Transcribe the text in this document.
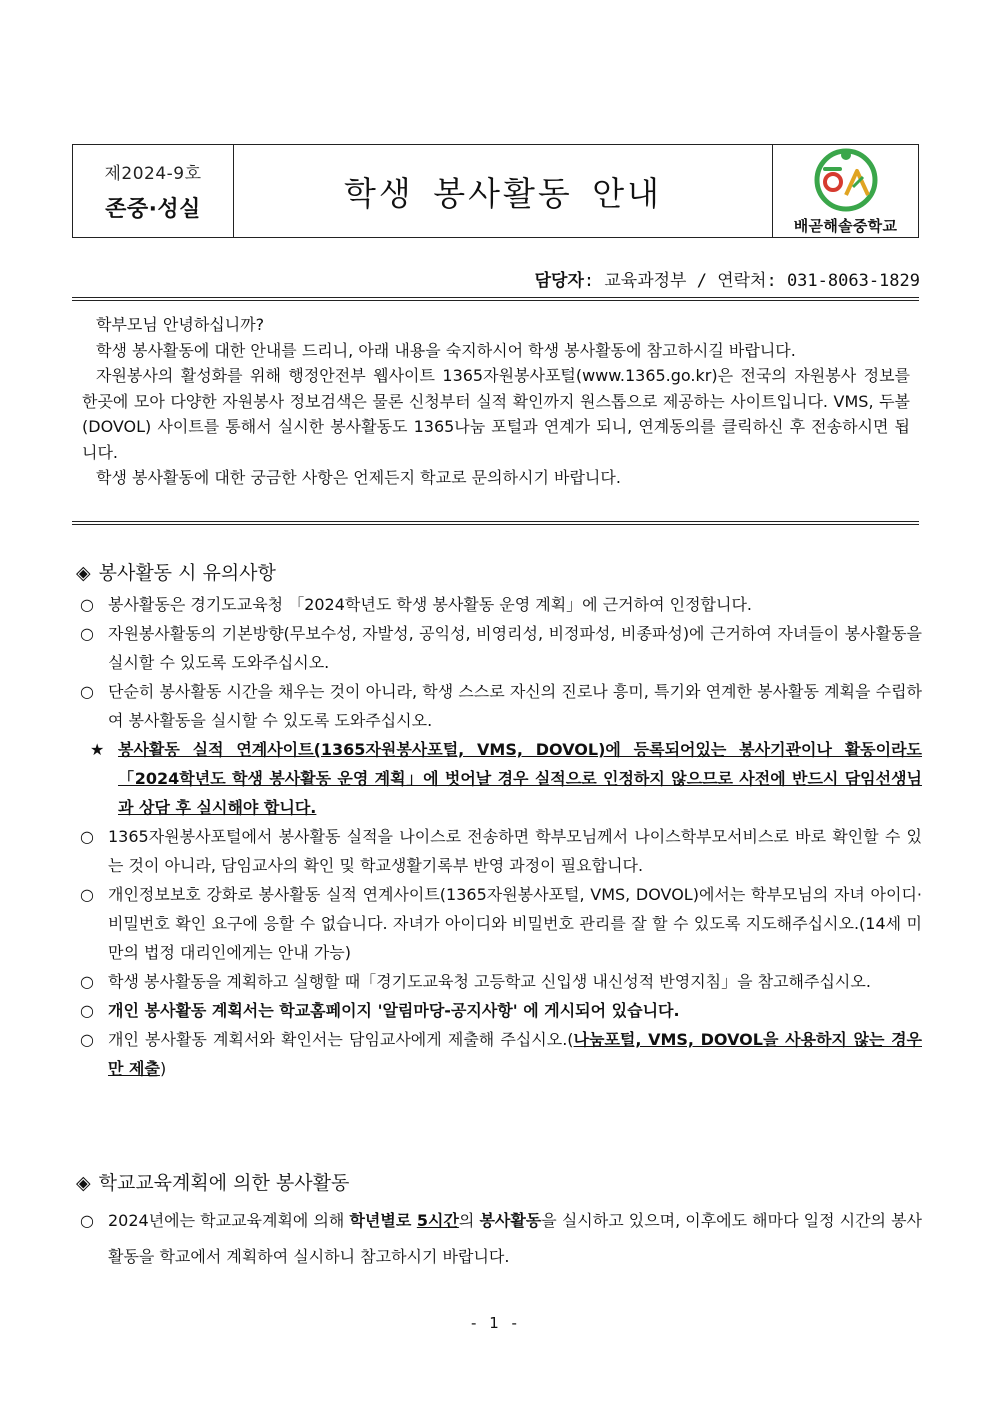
제2024-9호
존중·성실	학생 봉사활동 안내
배곧해솔중학교
담당자: 교육과정부 / 연락처: 031-8063-1829

학부모님 안녕하십니까?

학생 봉사활동에 대한 안내를 드리니, 아래 내용을 숙지하시어 학생 봉사활동에 참고하시길 바랍니다.

자원봉사의 활성화를 위해 행정안전부 웹사이트 1365자원봉사포털(www.1365.go.kr)은 전국의 자원봉사 정보를 한곳에 모아 다양한 자원봉사 정보검색은 물론 신청부터 실적 확인까지 원스톱으로 제공하는 사이트입니다. VMS, 두볼(DOVOL) 사이트를 통해서 실시한 봉사활동도 1365나눔 포털과 연계가 되니, 연계동의를 클릭하신 후 전송하시면 됩니다.

학생 봉사활동에 대한 궁금한 사항은 언제든지 학교로 문의하시기 바랍니다.

◈ 봉사활동 시 유의사항
○ 봉사활동은 경기도교육청 「2024학년도 학생 봉사활동 운영 계획」에 근거하여 인정합니다.
○ 자원봉사활동의 기본방향(무보수성, 자발성, 공익성, 비영리성, 비정파성, 비종파성)에 근거하여 자녀들이 봉사활동을 실시할 수 있도록 도와주십시오.
○ 단순히 봉사활동 시간을 채우는 것이 아니라, 학생 스스로 자신의 진로나 흥미, 특기와 연계한 봉사활동 계획을 수립하여 봉사활동을 실시할 수 있도록 도와주십시오.
★ 봉사활동 실적 연계사이트(1365자원봉사포털, VMS, DOVOL)에 등록되어있는 봉사기관이나 활동이라도 「2024학년도 학생 봉사활동 운영 계획」에 벗어날 경우 실적으로 인정하지 않으므로 사전에 반드시 담임선생님과 상담 후 실시해야 합니다.
○ 1365자원봉사포털에서 봉사활동 실적을 나이스로 전송하면 학부모님께서 나이스학부모서비스로 바로 확인할 수 있는 것이 아니라, 담임교사의 확인 및 학교생활기록부 반영 과정이 필요합니다.
○ 개인정보보호 강화로 봉사활동 실적 연계사이트(1365자원봉사포털, VMS, DOVOL)에서는 학부모님의 자녀 아이디·비밀번호 확인 요구에 응할 수 없습니다. 자녀가 아이디와 비밀번호 관리를 잘 할 수 있도록 지도해주십시오.(14세 미만의 법정 대리인에게는 안내 가능)
○ 학생 봉사활동을 계획하고 실행할 때「경기도교육청 고등학교 신입생 내신성적 반영지침」을 참고해주십시오.
○ 개인 봉사활동 계획서는 학교홈페이지 '알림마당-공지사항' 에 게시되어 있습니다.
○ 개인 봉사활동 계획서와 확인서는 담임교사에게 제출해 주십시오.(나눔포털, VMS, DOVOL을 사용하지 않는 경우만 제출)
◈ 학교교육계획에 의한 봉사활동
○ 2024년에는 학교교육계획에 의해 학년별로 5시간의 봉사활동을 실시하고 있으며, 이후에도 해마다 일정 시간의 봉사활동을 학교에서 계획하여 실시하니 참고하시기 바랍니다.
- 1 -
